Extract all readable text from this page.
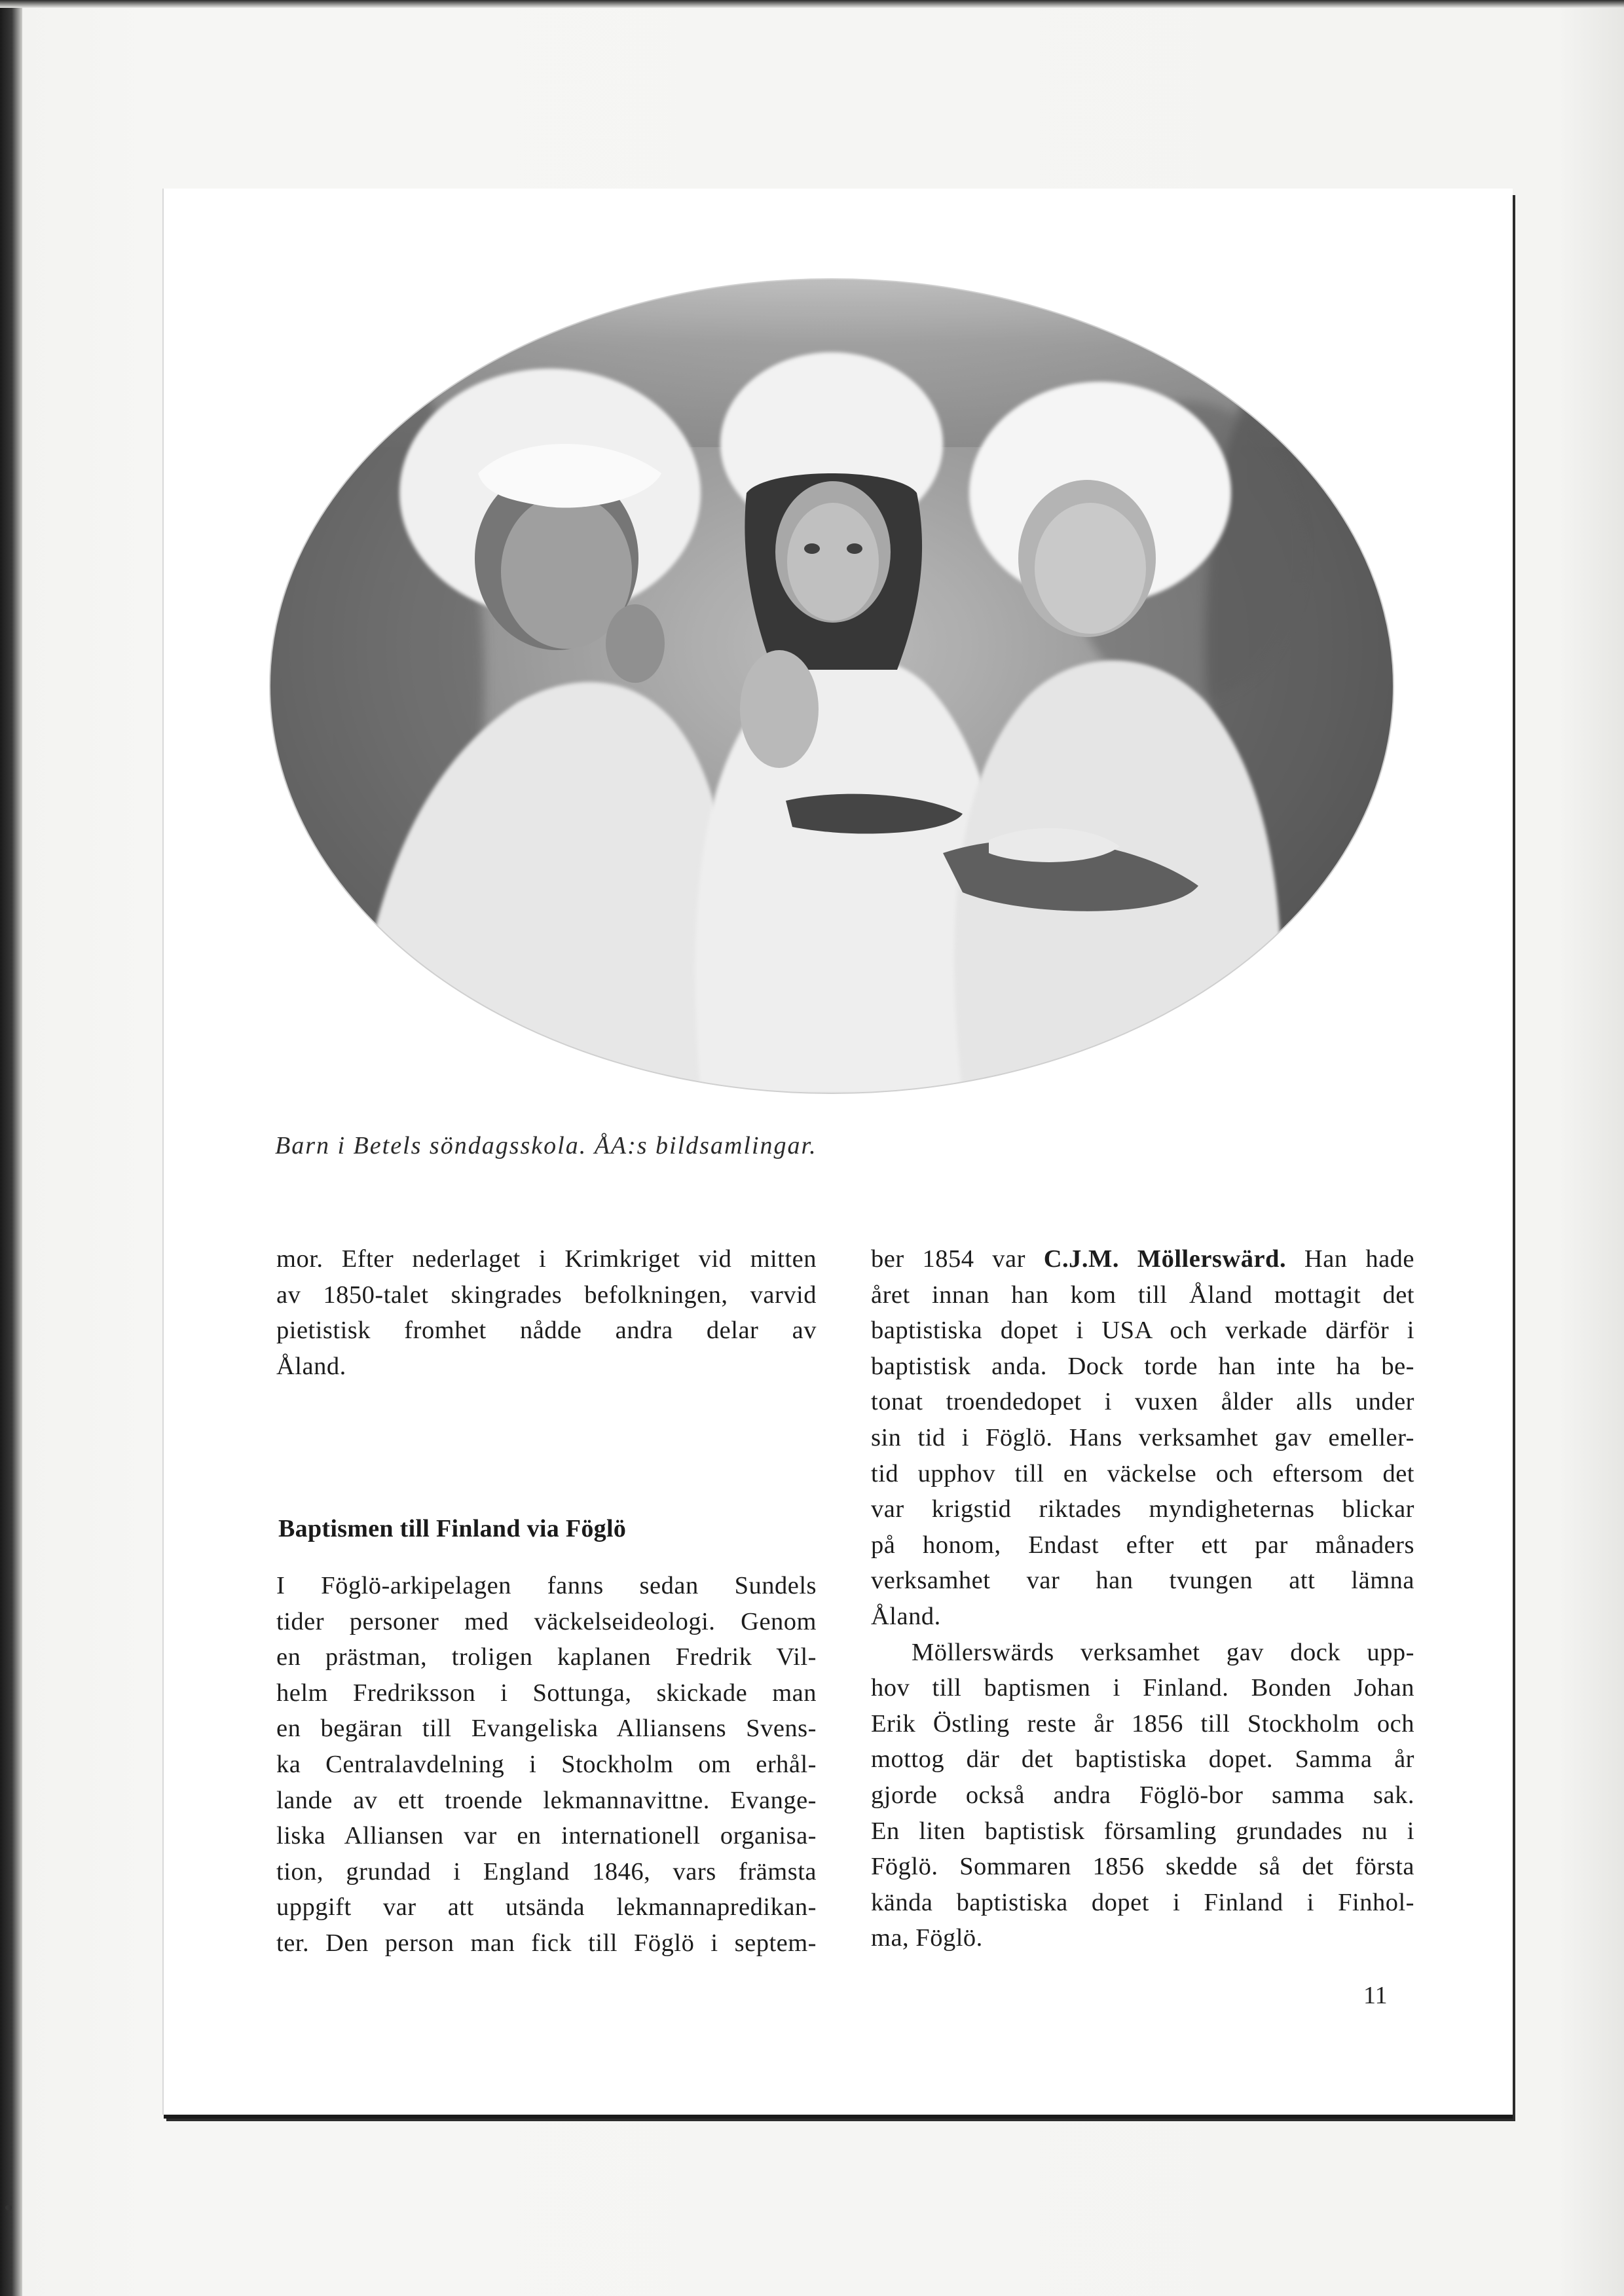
Barn i Betels söndagsskola. ÅA:s bildsamlingar.
mor. Efter nederlaget i Krimkriget vid mitten
av 1850-talet skingrades befolkningen, varvid
pietistisk fromhet nådde andra delar av
Åland.
Baptismen till Finland via Föglö
I Föglö-arkipelagen fanns sedan Sundels
tider personer med väckelseideologi. Genom
en prästman, troligen kaplanen Fredrik Vil-
helm Fredriksson i Sottunga, skickade man
en begäran till Evangeliska Alliansens Svens-
ka Centralavdelning i Stockholm om erhål-
lande av ett troende lekmannavittne. Evange-
liska Alliansen var en internationell organisa-
tion, grundad i England 1846, vars främsta
uppgift var att utsända lekmannapredikan-
ter. Den person man fick till Föglö i septem-
ber 1854 var C.J.M. Möllerswärd. Han hade
året innan han kom till Åland mottagit det
baptistiska dopet i USA och verkade därför i
baptistisk anda. Dock torde han inte ha be-
tonat troendedopet i vuxen ålder alls under
sin tid i Föglö. Hans verksamhet gav emeller-
tid upphov till en väckelse och eftersom det
var krigstid riktades myndigheternas blickar
på honom, Endast efter ett par månaders
verksamhet var han tvungen att lämna
Åland.
Möllerswärds verksamhet gav dock upp-
hov till baptismen i Finland. Bonden Johan
Erik Östling reste år 1856 till Stockholm och
mottog där det baptistiska dopet. Samma år
gjorde också andra Föglö-bor samma sak.
En liten baptistisk församling grundades nu i
Föglö. Sommaren 1856 skedde så det första
kända baptistiska dopet i Finland i Finhol-
ma, Föglö.
11
